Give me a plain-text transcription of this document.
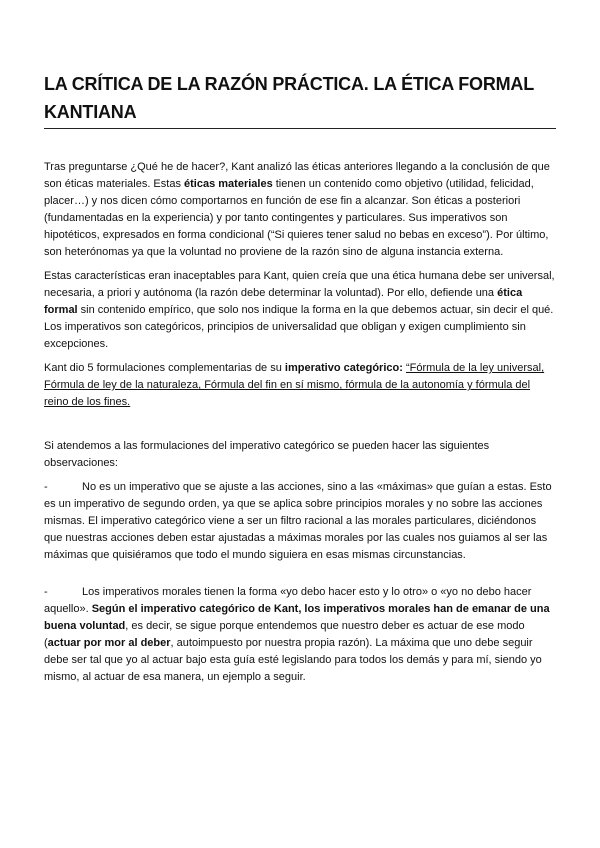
LA CRÍTICA DE LA RAZÓN PRÁCTICA. LA ÉTICA FORMAL KANTIANA

Tras preguntarse ¿Qué he de hacer?, Kant analizó las éticas anteriores llegando a la conclusión de que son éticas materiales. Estas éticas materiales tienen un contenido como objetivo (utilidad, felicidad, placer…) y nos dicen cómo comportarnos en función de ese fin a alcanzar. Son éticas a posteriori (fundamentadas en la experiencia) y por tanto contingentes y particulares. Sus imperativos son hipotéticos, expresados en forma condicional (“Si quieres tener salud no bebas en exceso”). Por último, son heterónomas ya que la voluntad no proviene de la razón sino de alguna instancia externa.

Estas características eran inaceptables para Kant, quien creía que una ética humana debe ser universal, necesaria, a priori y autónoma (la razón debe determinar la voluntad). Por ello, defiende una ética formal sin contenido empírico, que solo nos indique la forma en la que debemos actuar, sin decir el qué. Los imperativos son categóricos, principios de universalidad que obligan y exigen cumplimiento sin excepciones.

Kant dio 5 formulaciones complementarias de su imperativo categórico: “Fórmula de la ley universal, Fórmula de ley de la naturaleza, Fórmula del fin en sí mismo, fórmula de la autonomía y fórmula del reino de los fines.

Si atendemos a las formulaciones del imperativo categórico se pueden hacer las siguientes observaciones:

-	No es un imperativo que se ajuste a las acciones, sino a las «máximas» que guían a estas. Esto es un imperativo de segundo orden, ya que se aplica sobre principios morales y no sobre las acciones mismas. El imperativo categórico viene a ser un filtro racional a las morales particulares, diciéndonos que nuestras acciones deben estar ajustadas a máximas morales por las cuales nos guiamos al ser las máximas que quisiéramos que todo el mundo siguiera en esas mismas circunstancias.

-	Los imperativos morales tienen la forma «yo debo hacer esto y lo otro» o «yo no debo hacer aquello». Según el imperativo categórico de Kant, los imperativos morales han de emanar de una buena voluntad, es decir, se sigue porque entendemos que nuestro deber es actuar de ese modo (actuar por mor al deber, autoimpuesto por nuestra propia razón). La máxima que uno debe seguir debe ser tal que yo al actuar bajo esta guía esté legislando para todos los demás y para mí, siendo yo mismo, al actuar de esa manera, un ejemplo a seguir.
